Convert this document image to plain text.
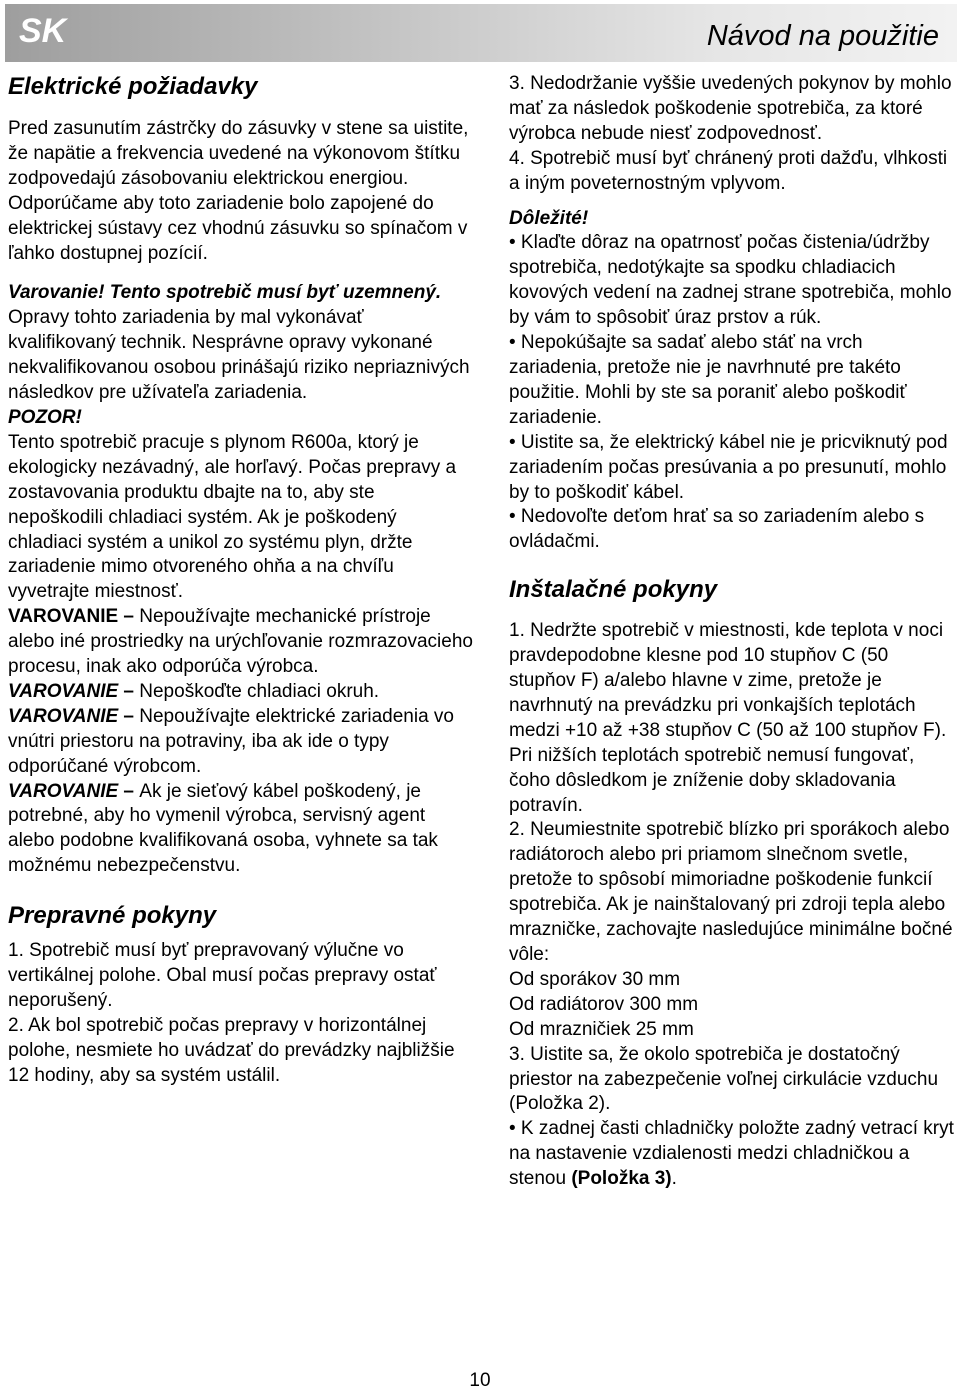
SK	Návod na použitie
Elektrické požiadavky

Pred zasunutím zástrčky do zásuvky v stene sa uistite, že napätie a frekvencia uvedené na výkonovom štítku zodpovedajú zásobovaniu elektrickou energiou.

Odporúčame aby toto zariadenie bolo zapojené do elektrickej sústavy cez vhodnú zásuvku so spínačom v ľahko dostupnej pozícií.

Varovanie! Tento spotrebič musí byť uzemnený.

Opravy tohto zariadenia by mal vykonávať kvalifikovaný technik. Nesprávne opravy vykonané nekvalifikovanou osobou prinášajú riziko nepriaznivých následkov pre užívateľa zariadenia.

POZOR!

Tento spotrebič pracuje s plynom R600a, ktorý je ekologicky nezávadný, ale horľavý. Počas prepravy a zostavovania produktu dbajte na to, aby ste nepoškodili chladiaci systém. Ak je poškodený chladiaci systém a unikol zo systému plyn, držte zariadenie mimo otvoreného ohňa a na chvíľu vyvetrajte miestnosť.

VAROVANIE – Nepoužívajte mechanické prístroje alebo iné prostriedky na urýchľovanie rozmrazovacieho procesu, inak ako odporúča výrobca.

VAROVANIE – Nepoškoďte chladiaci okruh.

VAROVANIE – Nepoužívajte elektrické zariadenia vo vnútri priestoru na potraviny, iba ak ide o typy odporúčané výrobcom.

VAROVANIE – Ak je sieťový kábel poškodený, je potrebné, aby ho vymenil výrobca, servisný agent alebo podobne kvalifikovaná osoba, vyhnete sa tak možnému nebezpečenstvu.

Prepravné pokyny

1. Spotrebič musí byť prepravovaný výlučne vo vertikálnej polohe. Obal musí počas prepravy ostať neporušený.

2. Ak bol spotrebič počas prepravy v horizontálnej polohe, nesmiete ho uvádzať do prevádzky najbližšie 12 hodiny, aby sa systém ustálil.

3. Nedodržanie vyššie uvedených pokynov by mohlo mať za následok poškodenie spotrebiča, za ktoré výrobca nebude niesť zodpovednosť.

4. Spotrebič musí byť chránený proti dažďu, vlhkosti a iným poveternostným vplyvom.

Dôležité!

• Klaďte dôraz na opatrnosť počas čistenia/údržby spotrebiča, nedotýkajte sa spodku chladiacich kovových vedení na zadnej strane spotrebiča, mohlo by vám to spôsobiť úraz prstov a rúk.

• Nepokúšajte sa sadať alebo stáť na vrch zariadenia, pretože nie je navrhnuté pre takéto použitie. Mohli by ste sa poraniť alebo poškodiť zariadenie.

• Uistite sa, že elektrický kábel nie je pricviknutý pod zariadením počas presúvania a po presunutí, mohlo by to poškodiť kábel.

• Nedovoľte deťom hrať sa so zariadením alebo s ovládačmi.

Inštalačné pokyny

1. Nedržte spotrebič v miestnosti, kde teplota v noci pravdepodobne klesne pod 10 stupňov C (50 stupňov F) a/alebo hlavne v zime, pretože je navrhnutý na prevádzku pri vonkajších teplotách medzi +10 až +38 stupňov C (50 až 100 stupňov F). Pri nižších teplotách spotrebič nemusí fungovať, čoho dôsledkom je zníženie doby skladovania potravín.

2. Neumiestnite spotrebič blízko pri sporákoch alebo radiátoroch alebo pri priamom slnečnom svetle, pretože to spôsobí mimoriadne poškodenie funkcií spotrebiča. Ak je nainštalovaný pri zdroji tepla alebo mrazničke, zachovajte nasledujúce minimálne bočné vôle:

Od sporákov 30 mm

Od radiátorov 300 mm

Od mrazničiek 25 mm

3. Uistite sa, že okolo spotrebiča je dostatočný priestor na zabezpečenie voľnej cirkulácie vzduchu (Položka 2).

• K zadnej časti chladničky položte zadný vetrací kryt na nastavenie vzdialenosti medzi chladničkou a stenou (Položka 3).

10
